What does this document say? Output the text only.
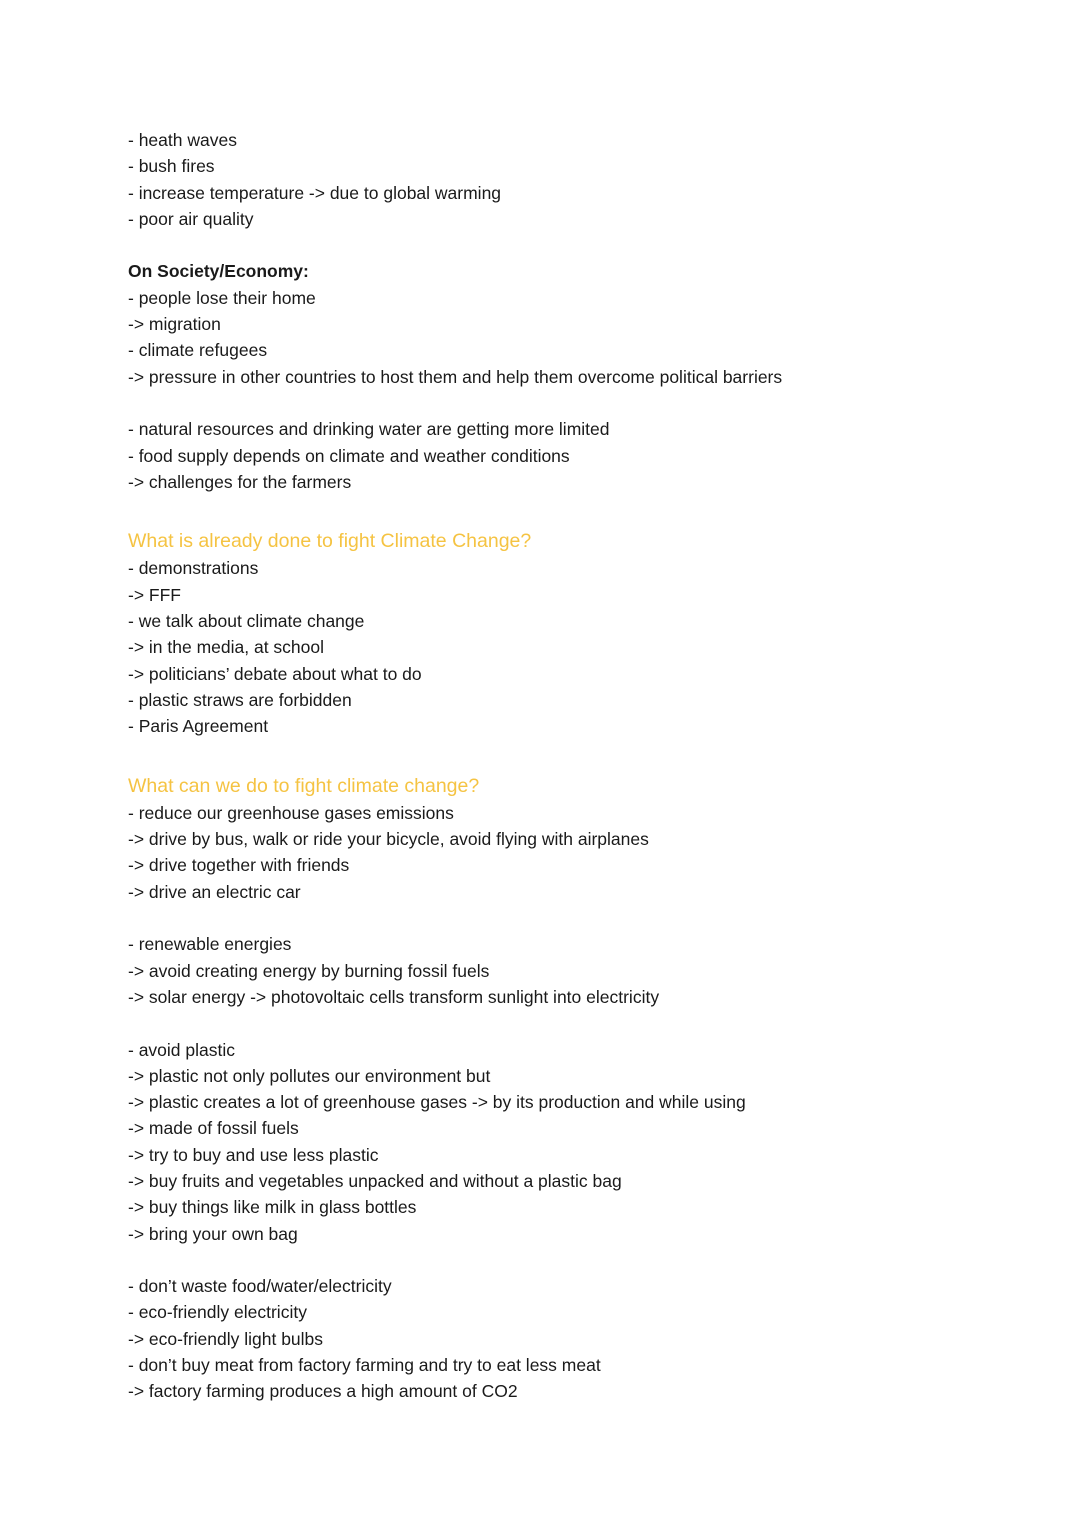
- heath waves
- bush fires
- increase temperature -> due to global warming
- poor air quality
On Society/Economy:
- people lose their home
-> migration
- climate refugees
-> pressure in other countries to host them and help them overcome political barriers
- natural resources and drinking water are getting more limited
- food supply depends on climate and weather conditions
-> challenges for the farmers
What is already done to fight Climate Change?
- demonstrations
-> FFF
- we talk about climate change
-> in the media, at school
-> politicians’ debate about what to do
- plastic straws are forbidden
- Paris Agreement
What can we do to fight climate change?
- reduce our greenhouse gases emissions
-> drive by bus, walk or ride your bicycle, avoid flying with airplanes
-> drive together with friends
-> drive an electric car
- renewable energies
-> avoid creating energy by burning fossil fuels
-> solar energy -> photovoltaic cells transform sunlight into electricity
- avoid plastic
-> plastic not only pollutes our environment but
-> plastic creates a lot of greenhouse gases -> by its production and while using
-> made of fossil fuels
-> try to buy and use less plastic
-> buy fruits and vegetables unpacked and without a plastic bag
-> buy things like milk in glass bottles
-> bring your own bag
- don’t waste food/water/electricity
- eco-friendly electricity
-> eco-friendly light bulbs
- don’t buy meat from factory farming and try to eat less meat
-> factory farming produces a high amount of CO2
